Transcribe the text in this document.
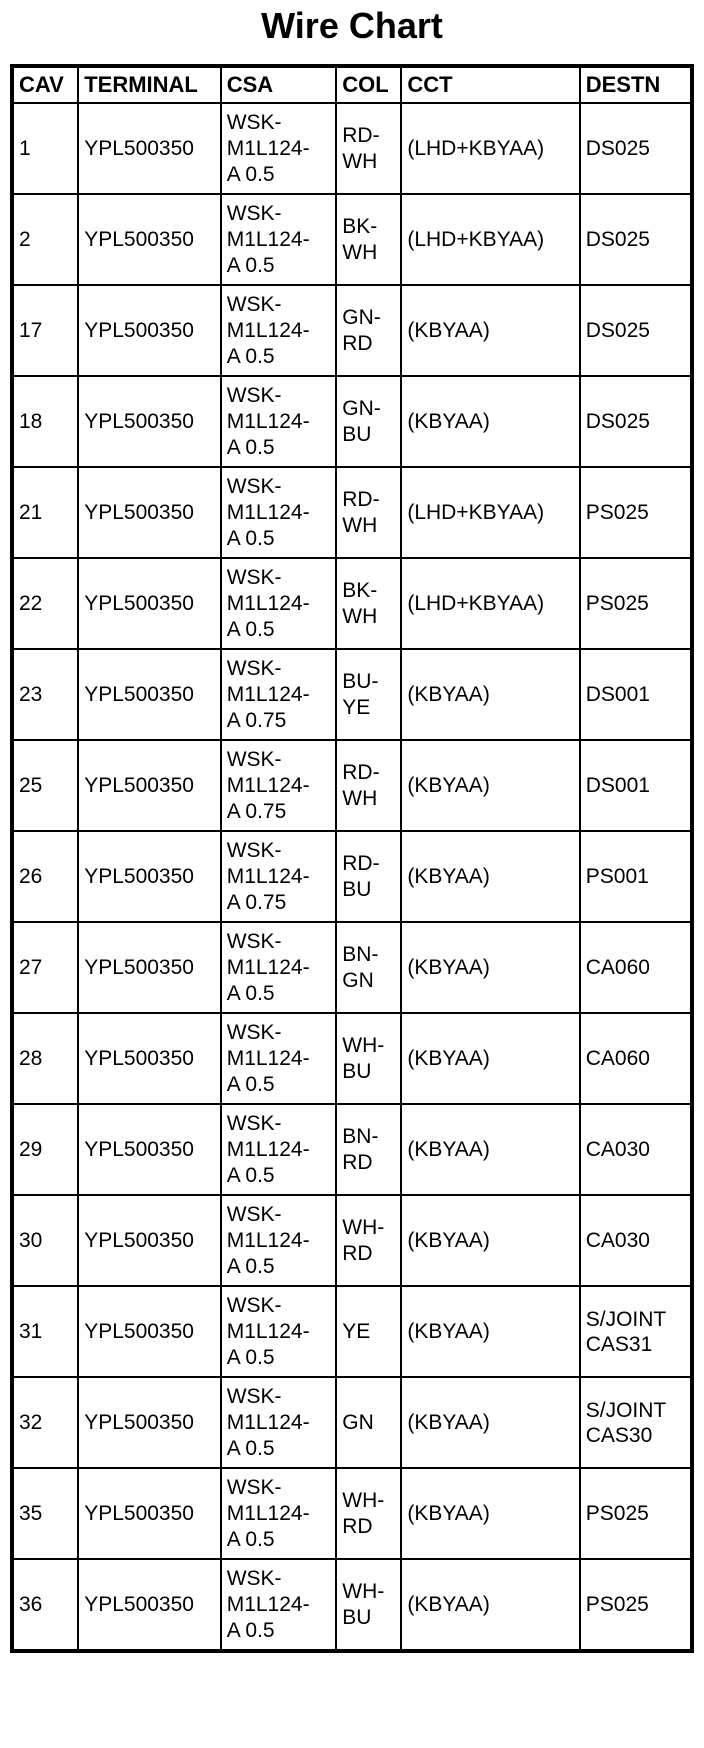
Wire Chart
CAV	TERMINAL	CSA	COL	CCT	DESTN
1	YPL500350	WSK-
M1L124-
A 0.5	RD-
WH	(LHD+KBYAA)	DS025
2	YPL500350	WSK-
M1L124-
A 0.5	BK-
WH	(LHD+KBYAA)	DS025
17	YPL500350	WSK-
M1L124-
A 0.5	GN-
RD	(KBYAA)	DS025
18	YPL500350	WSK-
M1L124-
A 0.5	GN-
BU	(KBYAA)	DS025
21	YPL500350	WSK-
M1L124-
A 0.5	RD-
WH	(LHD+KBYAA)	PS025
22	YPL500350	WSK-
M1L124-
A 0.5	BK-
WH	(LHD+KBYAA)	PS025
23	YPL500350	WSK-
M1L124-
A 0.75	BU-
YE	(KBYAA)	DS001
25	YPL500350	WSK-
M1L124-
A 0.75	RD-
WH	(KBYAA)	DS001
26	YPL500350	WSK-
M1L124-
A 0.75	RD-
BU	(KBYAA)	PS001
27	YPL500350	WSK-
M1L124-
A 0.5	BN-
GN	(KBYAA)	CA060
28	YPL500350	WSK-
M1L124-
A 0.5	WH-
BU	(KBYAA)	CA060
29	YPL500350	WSK-
M1L124-
A 0.5	BN-
RD	(KBYAA)	CA030
30	YPL500350	WSK-
M1L124-
A 0.5	WH-
RD	(KBYAA)	CA030
31	YPL500350	WSK-
M1L124-
A 0.5	YE	(KBYAA)	S/JOINT
CAS31
32	YPL500350	WSK-
M1L124-
A 0.5	GN	(KBYAA)	S/JOINT
CAS30
35	YPL500350	WSK-
M1L124-
A 0.5	WH-
RD	(KBYAA)	PS025
36	YPL500350	WSK-
M1L124-
A 0.5	WH-
BU	(KBYAA)	PS025
